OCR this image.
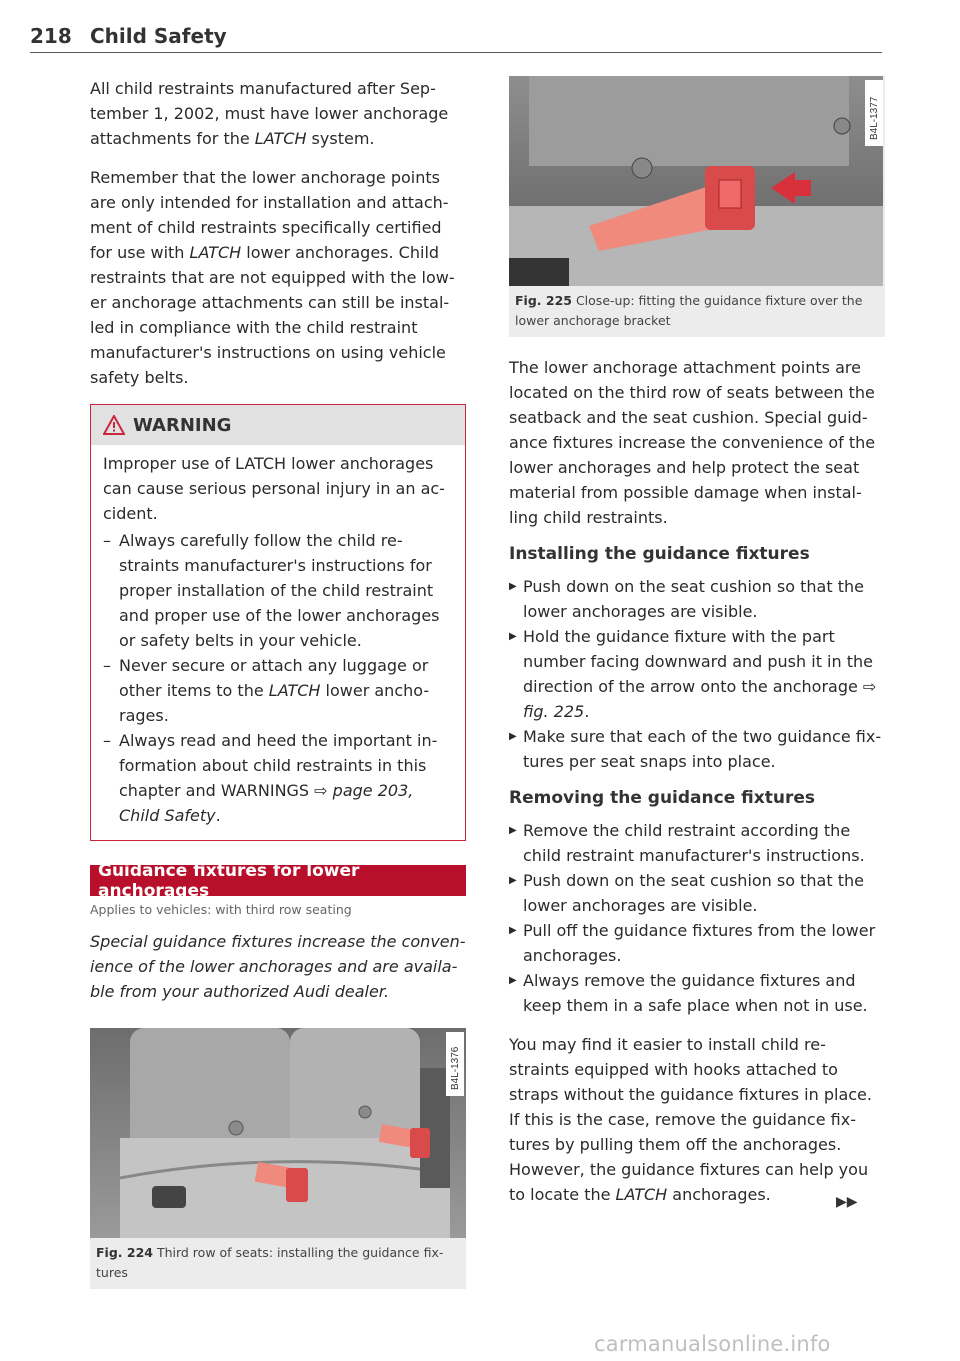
218 Child Safety

All child restraints manufactured after Sep-
tember 1, 2002, must have lower anchorage
attachments for the LATCH system.

Remember that the lower anchorage points are only intended for installation and attach-
ment of child restraints specifically certified
for use with LATCH lower anchorages. Child
restraints that are not equipped with the low-
er anchorage attachments can still be instal-
led in compliance with the child restraint
manufacturer's instructions on using vehicle
safety belts.

WARNING

Improper use of LATCH lower anchorages can cause serious personal injury in an ac- cident.

– Always carefully follow the child re- straints manufacturer's instructions for proper installation of the child restraint and proper use of the lower anchorages or safety belts in your vehicle.
– Never secure or attach any luggage or other items to the LATCH lower ancho- rages.
– Always read and heed the important in- formation about child restraints in this chapter and WARNINGS ⇨ page 203, Child Safety.
Guidance fixtures for lower anchorages
Applies to vehicles: with third row seating

Special guidance fixtures increase the conven- ience of the lower anchorages and are availa- ble from your authorized Audi dealer.

B4L-1376
Fig. 224 Third row of seats: installing the guidance fix- tures
B4L-1377
Fig. 225 Close-up: fitting the guidance fixture over the lower anchorage bracket

The lower anchorage attachment points are located on the third row of seats between the seatback and the seat cushion. Special guid- ance fixtures increase the convenience of the lower anchorages and help protect the seat material from possible damage when instal- ling child restraints.

Installing the guidance fixtures
▶ Push down on the seat cushion so that the lower anchorages are visible.
▶ Hold the guidance fixture with the part number facing downward and push it in the direction of the arrow onto the anchorage ⇨ fig. 225.
▶ Make sure that each of the two guidance fix- tures per seat snaps into place.
Removing the guidance fixtures
▶ Remove the child restraint according the child restraint manufacturer's instructions.
▶ Push down on the seat cushion so that the lower anchorages are visible.
▶ Pull off the guidance fixtures from the lower anchorages.
▶ Always remove the guidance fixtures and keep them in a safe place when not in use.

You may find it easier to install child re- straints equipped with hooks attached to straps without the guidance fixtures in place. If this is the case, remove the guidance fix- tures by pulling them off the anchorages. However, the guidance fixtures can help you to locate the LATCH anchorages.	▶▶
carmanualsonline.info
